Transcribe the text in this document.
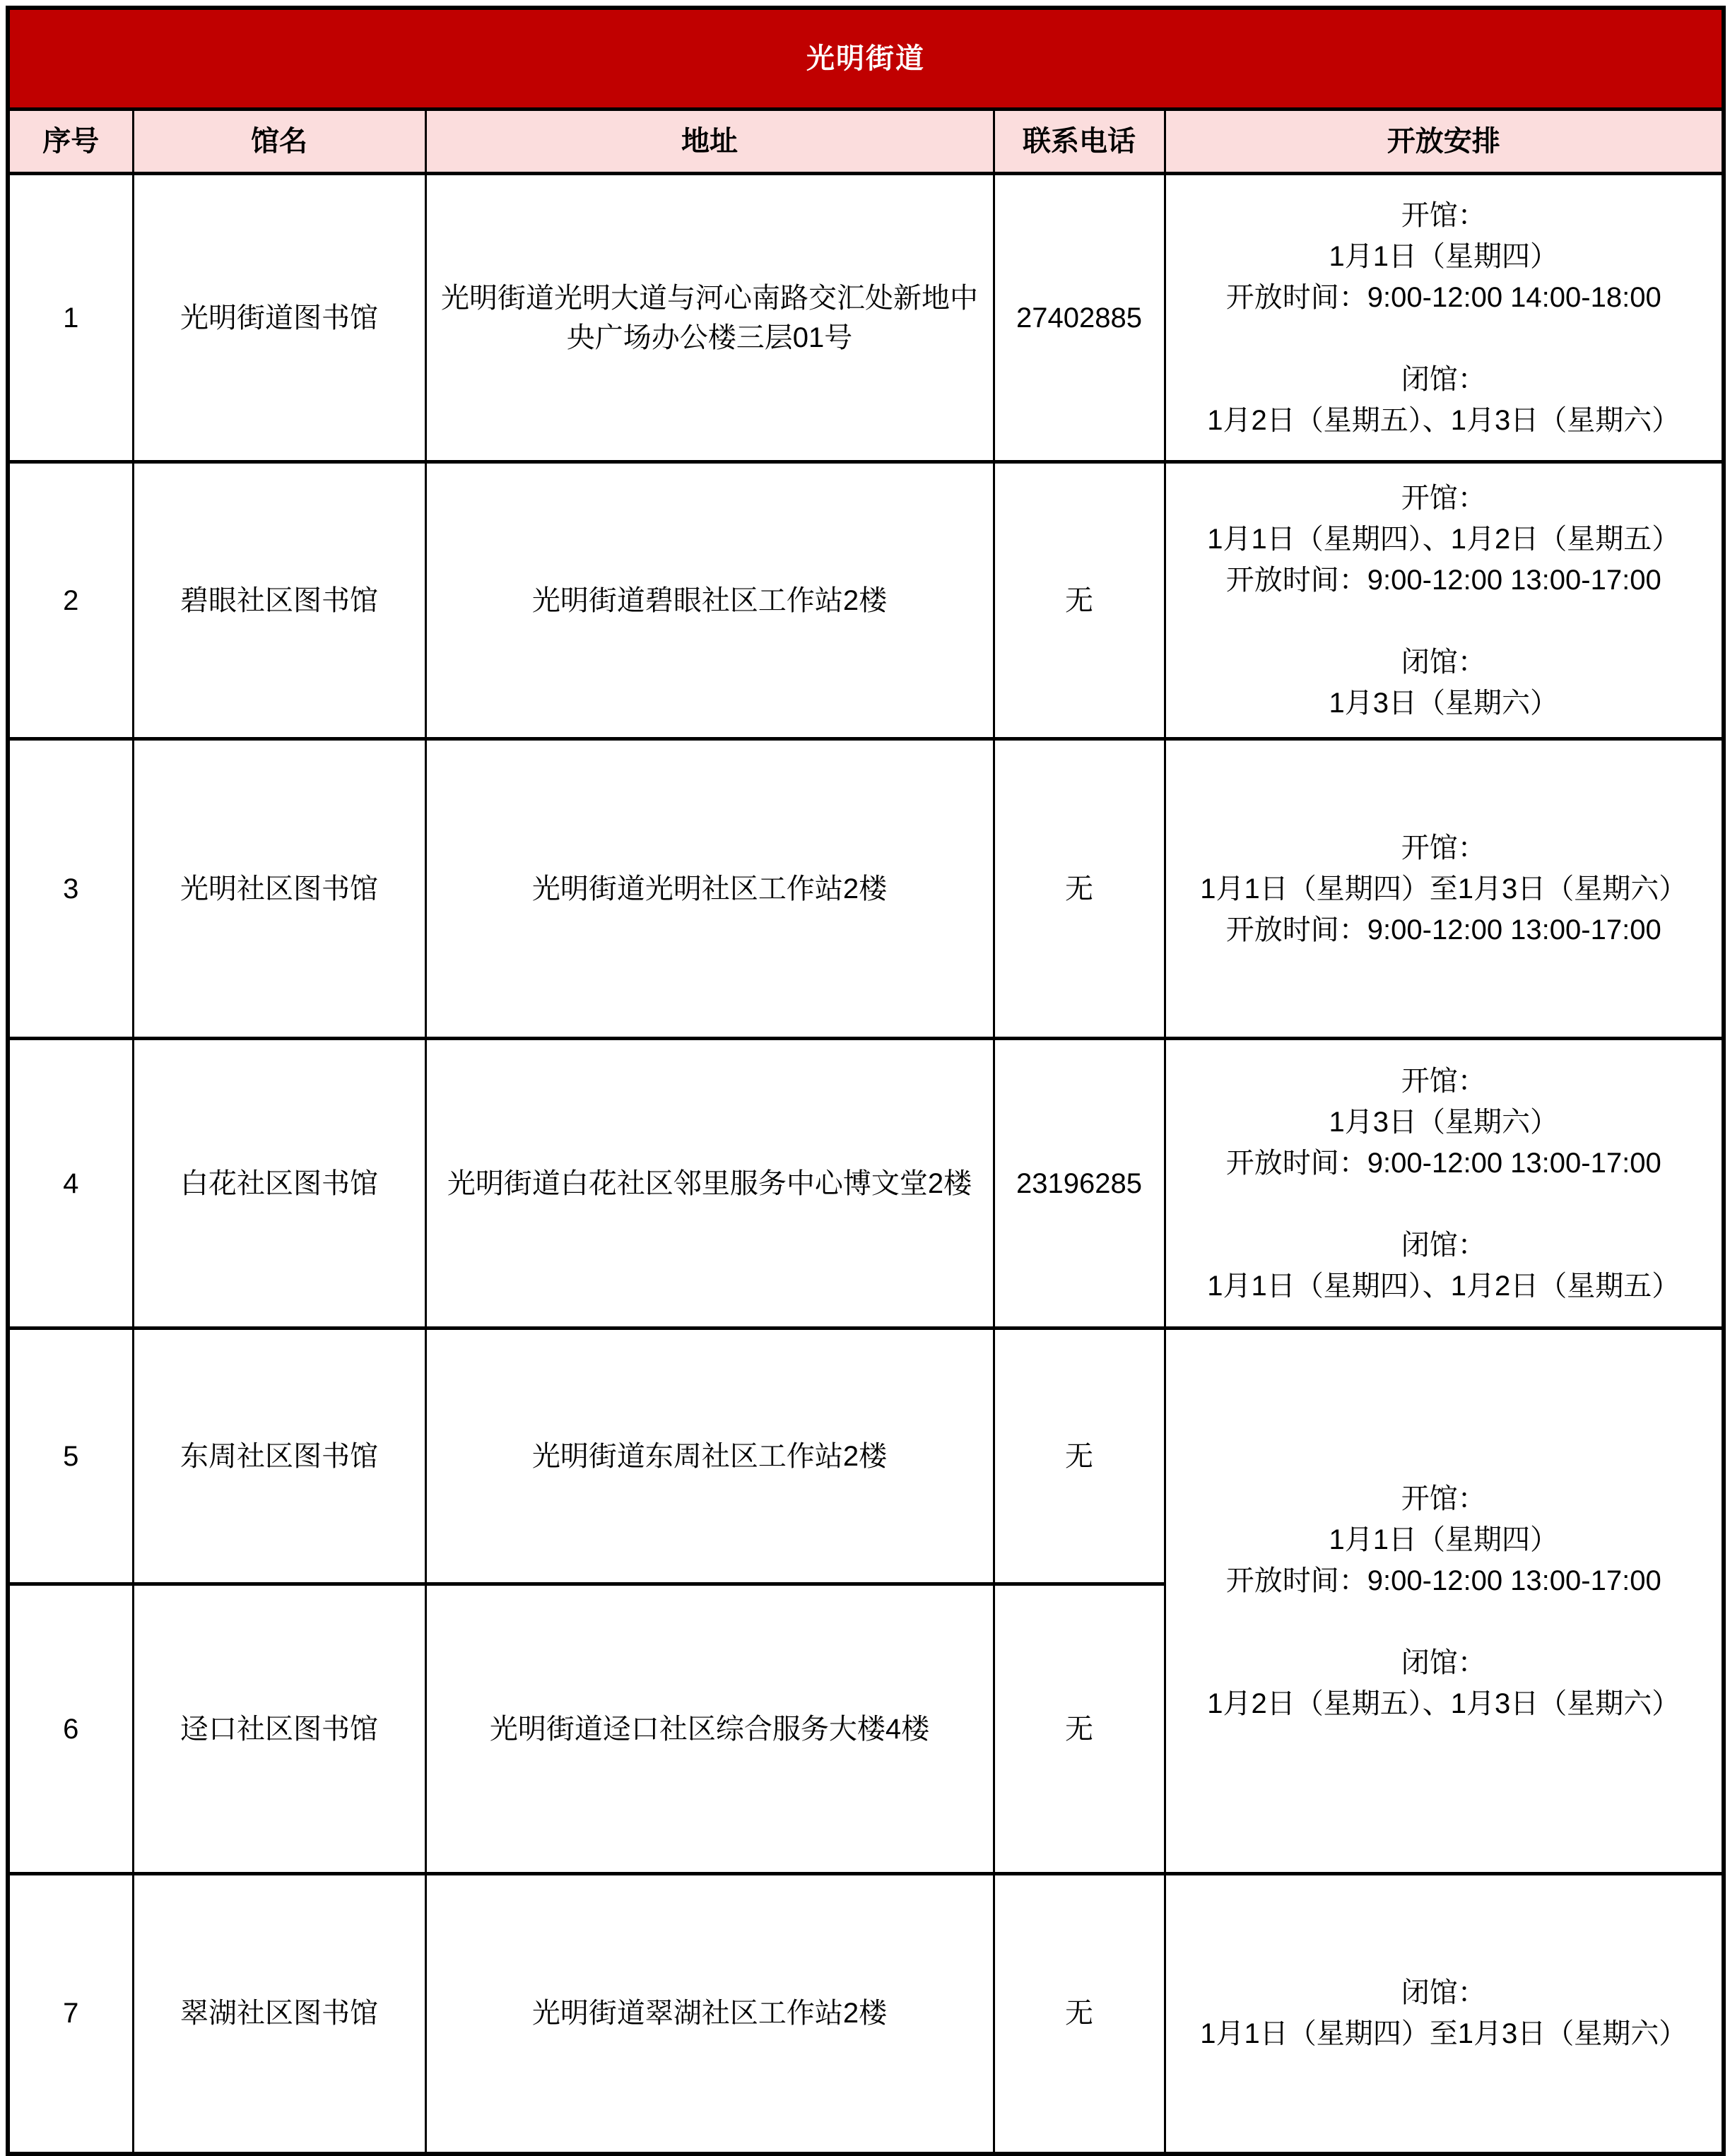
光明街道				
序号	馆名	地址	联系电话	开放安排
1	光明街道图书馆	光明街道光明大道与河心南路交汇处新地中央广场办公楼三层01号	27402885	开馆：
1月1日（星期四）
开放时间：9:00-12:00 14:00-18:00
闭馆：
1月2日（星期五）、1月3日（星期六）

2	碧眼社区图书馆	光明街道碧眼社区工作站2楼	无	开馆：
1月1日（星期四）、1月2日（星期五）
开放时间：9:00-12:00 13:00-17:00
闭馆：
1月3日（星期六）

3	光明社区图书馆	光明街道光明社区工作站2楼	无	开馆：
1月1日（星期四）至1月3日（星期六）
开放时间：9:00-12:00 13:00-17:00

4	白花社区图书馆	光明街道白花社区邻里服务中心博文堂2楼	23196285	开馆：
1月3日（星期六）
开放时间：9:00-12:00 13:00-17:00
闭馆：
1月1日（星期四）、1月2日（星期五）

5	东周社区图书馆	光明街道东周社区工作站2楼	无	开馆：
1月1日（星期四）
开放时间：9:00-12:00 13:00-17:00
闭馆：
1月2日（星期五）、1月3日（星期六）

6	迳口社区图书馆	光明街道迳口社区综合服务大楼4楼	无	
7	翠湖社区图书馆	光明街道翠湖社区工作站2楼	无	闭馆：
1月1日（星期四）至1月3日（星期六）
